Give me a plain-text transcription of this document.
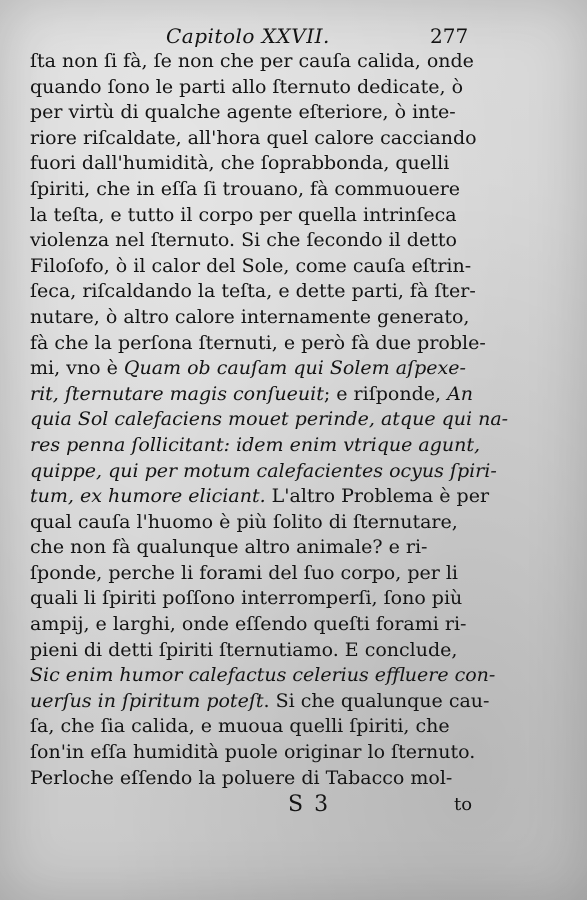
Capitolo XXVII.	277
ſta non ſi fà, ſe non che per cauſa calida, onde
quando ſono le parti allo ſternuto dedicate, ò
per virtù di qualche agente eſteriore, ò inte-
riore riſcaldate, all'hora quel calore cacciando
fuori dall'humidità, che ſoprabbonda, quelli
ſpiriti, che in eſſa ſi trouano, fà commuouere
la teſta, e tutto il corpo per quella intrinſeca
violenza nel ſternuto. Si che ſecondo il detto
Filoſofo, ò il calor del Sole, come cauſa eſtrin-
ſeca, riſcaldando la teſta, e dette parti, fà ſter-
nutare, ò altro calore internamente generato,
fà che la perſona ſternuti, e però fà due proble-
mi, vno è Quam ob cauſam qui Solem aſpexe-
rit, ſternutare magis conſueuit; e riſponde, An
quia Sol calefaciens mouet perinde, atque qui na-
res penna ſollicitant: idem enim vtrique agunt,
quippe, qui per motum calefacientes ocyus ſpiri-
tum, ex humore eliciant. L'altro Problema è per
qual cauſa l'huomo è più ſolito di ſternutare,
che non fà qualunque altro animale? e ri-
ſponde, perche li forami del ſuo corpo, per li
quali li ſpiriti poſſono interromperſi, ſono più
ampij, e larghi, onde eſſendo queſti forami ri-
pieni di detti ſpiriti ſternutiamo. E conclude,
Sic enim humor calefactus celerius effluere con-
uerſus in ſpiritum poteſt. Si che qualunque cau-
ſa, che ſia calida, e muoua quelli ſpiriti, che
ſon'in eſſa humidità puole originar lo ſternuto.
Perloche eſſendo la poluere di Tabacco mol-
S 3	to
